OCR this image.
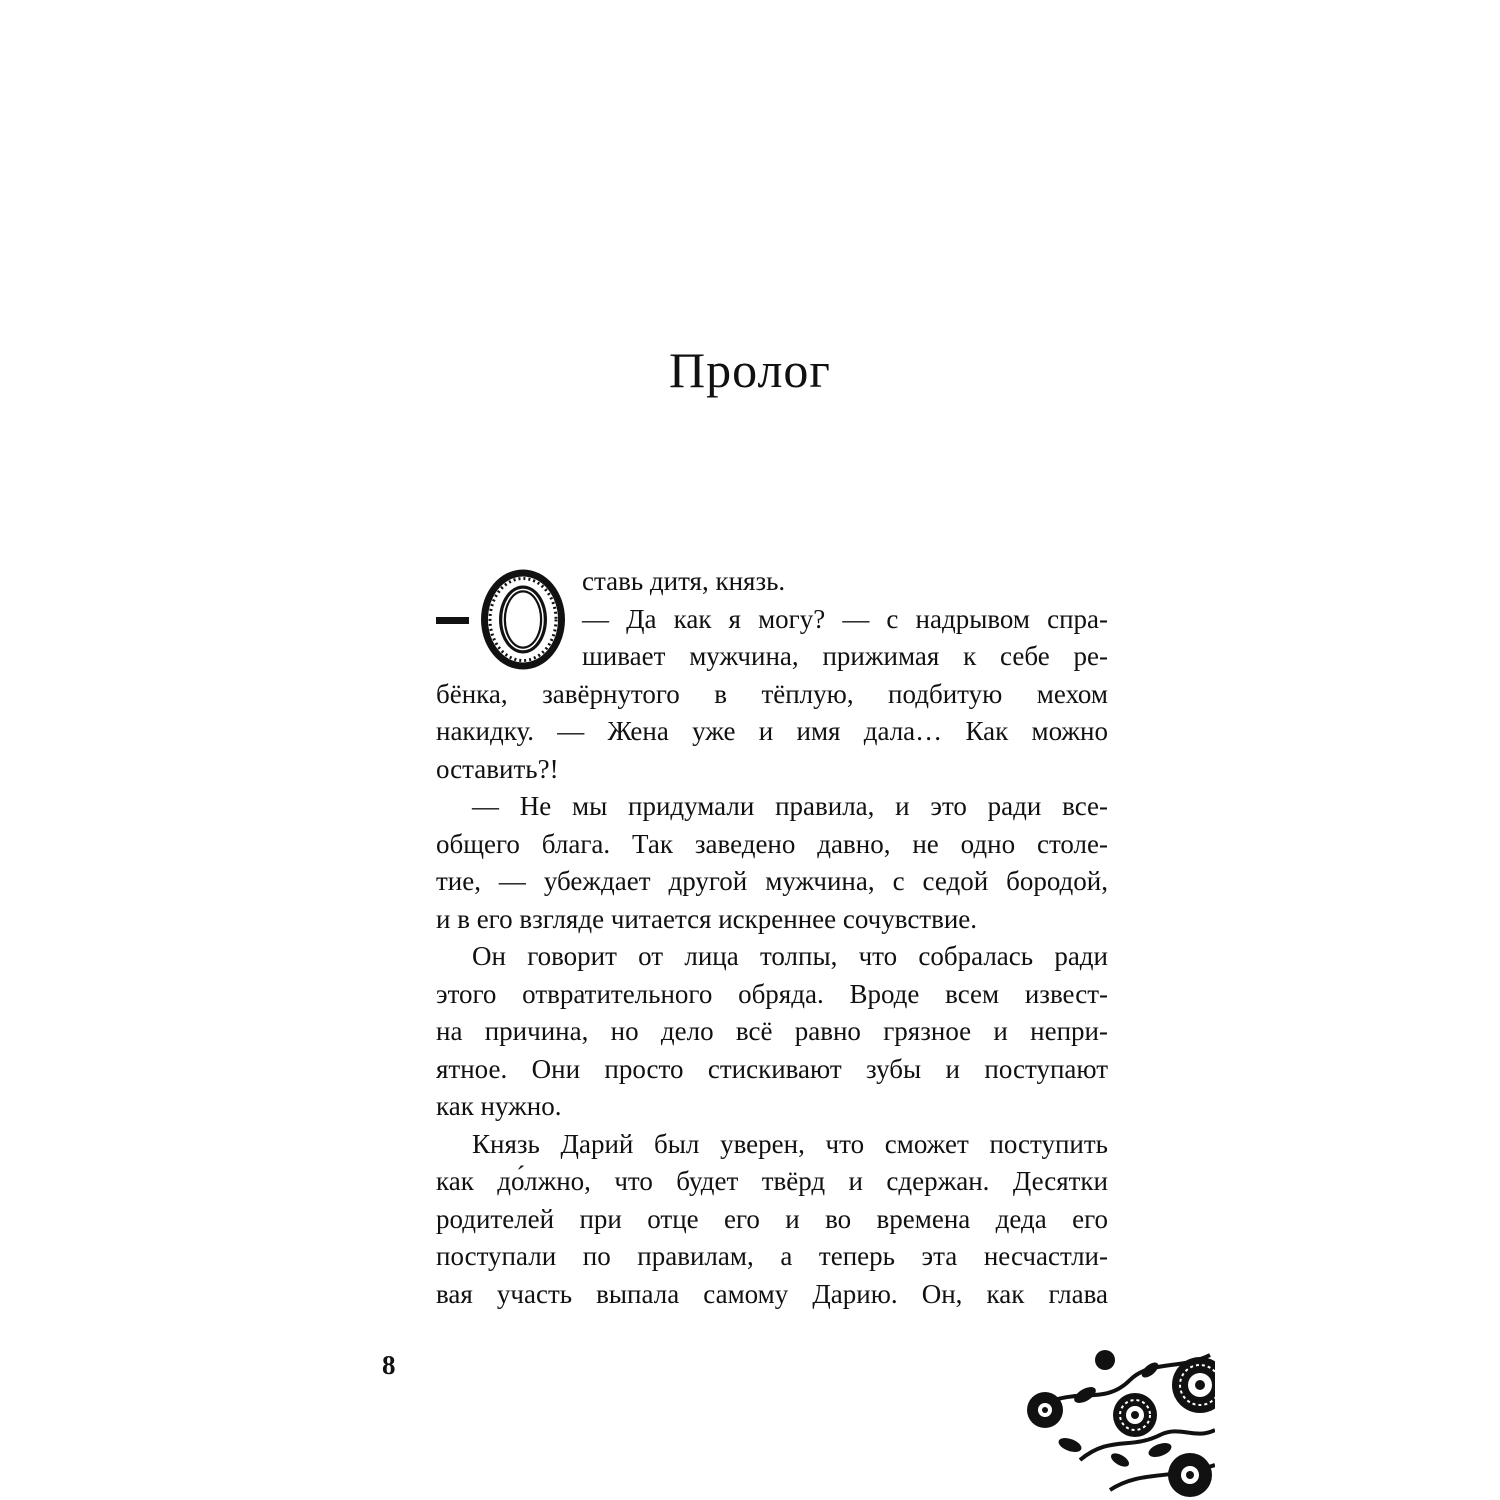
Пролог
О
ставь дитя, князь.
— Да как я могу? — с надрывом спра-
шивает мужчина, прижимая к себе ре-
бёнка, завёрнутого в тёплую, подбитую мехом
накидку. — Жена уже и имя дала… Как можно
оставить?!
— Не мы придумали правила, и это ради все-
общего блага. Так заведено давно, не одно столе-
тие, — убеждает другой мужчина, с седой бородой,
и в его взгляде читается искреннее сочувствие.
Он говорит от лица толпы, что собралась ради
этого отвратительного обряда. Вроде всем извест-
на причина, но дело всё равно грязное и непри-
ятное. Они просто стискивают зубы и поступают
как нужно.
Князь Дарий был уверен, что сможет поступить
как до́лжно, что будет твёрд и сдержан. Десятки
родителей при отце его и во времена деда его
поступали по правилам, а теперь эта несчастли-
вая участь выпала самому Дарию. Он, как глава
8
